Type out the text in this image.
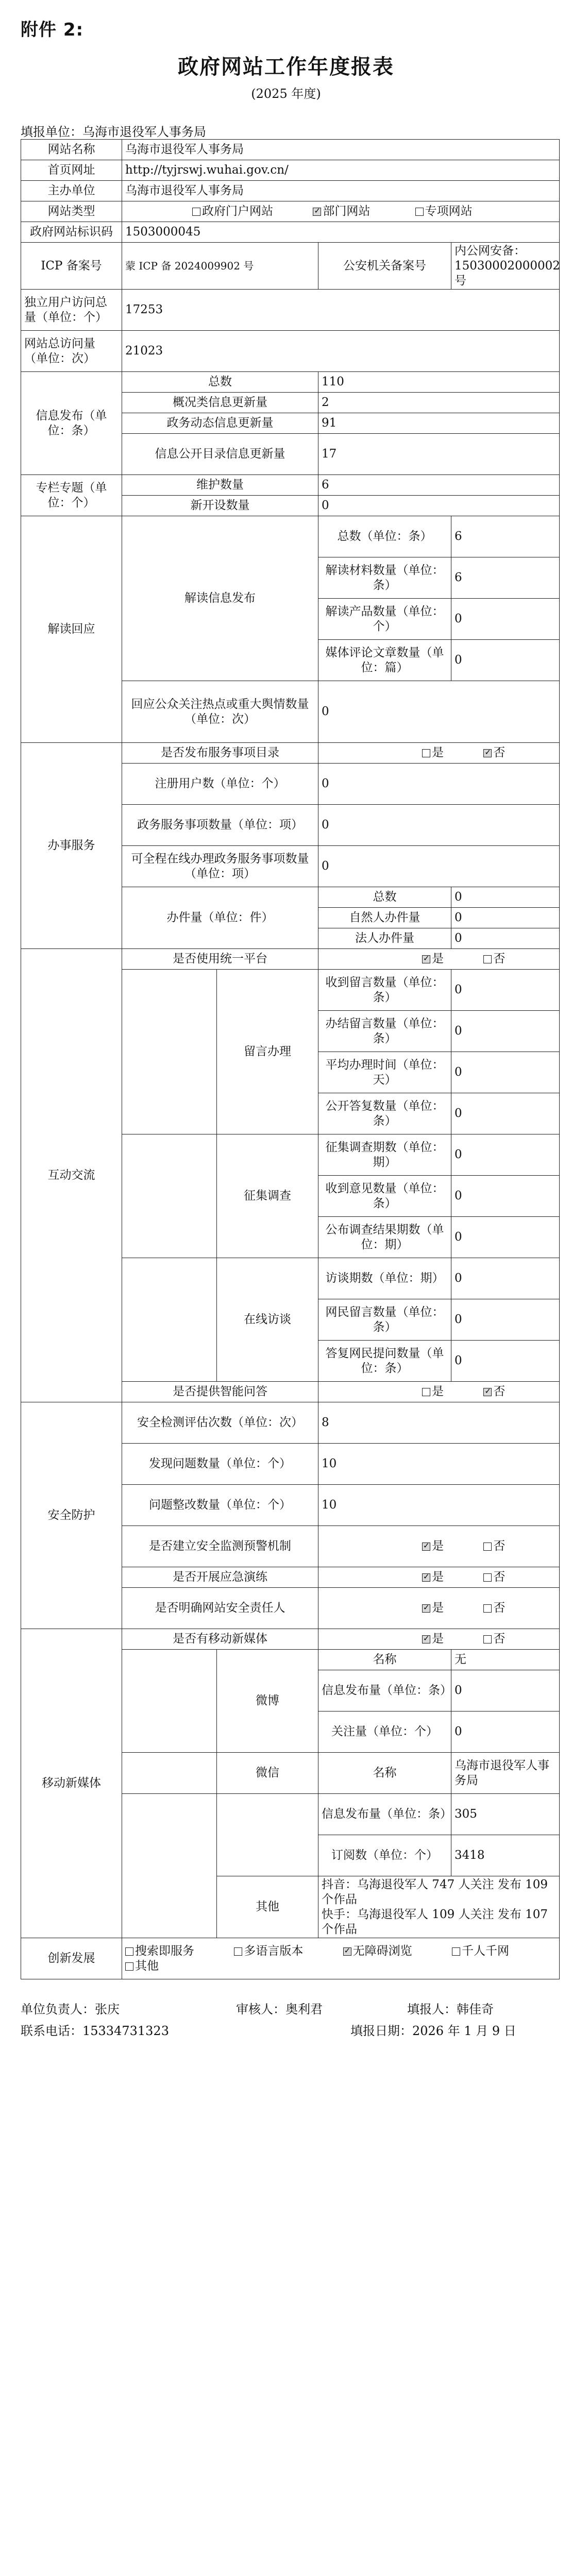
附件 2:
政府网站工作年度报表
(2025 年度)
填报单位：乌海市退役军人事务局
网站名称	乌海市退役军人事务局			
首页网址	http://tyjrswj.wuhai.gov.cn/			
主办单位	乌海市退役军人事务局			
网站类型	政府门户网站 ✓ 部门网站 专项网站
政府网站标识码	1503000045			
ICP 备案号	蒙 ICP 备 2024009902 号		公安机关备案号	内公网安备：15030002000002 号
独立用户访问总量（单位：个）	17253			
网站总访问量（单位：次）	21023			
信息发布（单位：条）	总数		110	
	概况类信息更新量		2	
	政务动态信息更新量		91	
	信息公开目录信息更新量		17	
专栏专题（单位：个）	维护数量		6	
	新开设数量		0	
解读回应	解读信息发布		总数（单位：条）	6
			解读材料数量（单位：条）	6
			解读产品数量（单位：个）	0
			媒体评论文章数量（单位：篇）	0
	回应公众关注热点或重大舆情数量（单位：次）		0	
办事服务	是否发布服务事项目录		是 ✓ 否
	注册用户数（单位：个）		0	
	政务服务事项数量（单位：项）		0	
	可全程在线办理政务服务事项数量（单位：项）		0	
	办件量（单位：件）		总数	0
			自然人办件量	0
			法人办件量	0
互动交流	是否使用统一平台	✓是 否
		留言办理	收到留言数量（单位：条）	0
			办结留言数量（单位：条）	0
			平均办理时间（单位：天）	0
			公开答复数量（单位：条）	0
		征集调查	征集调查期数（单位：期）	0
			收到意见数量（单位：条）	0
			公布调查结果期数（单位：期）	0
		在线访谈	访谈期数（单位：期）	0
			网民留言数量（单位：条）	0
			答复网民提问数量（单位：条）	0
	是否提供智能问答		是 ✓ 否
安全防护	安全检测评估次数（单位：次）		8	
	发现问题数量（单位：个）		10	
	问题整改数量（单位：个）		10	
	是否建立安全监测预警机制	✓是 否
	是否开展应急演练	✓是 否
	是否明确网站安全责任人	✓是 否
移动新媒体	是否有移动新媒体	✓是 否
		微博	名称	无
			信息发布量（单位：条）	0
			关注量（单位：个）	0
		微信	名称	乌海市退役军人事务局
			信息发布量（单位：条）	305
			订阅数（单位：个）	3418
		其他	抖音：乌海退役军人 747 人关注 发布 109 个作品
快手：乌海退役军人 109 人关注 发布 107 个作品	

创新发展	搜索即服务 多语言版本 ✓ 无障碍浏览 千人千网
其他
单位负责人：张庆	审核人：奥利君	填报人：韩佳奇
联系电话：15334731323	填报日期：2026 年 1 月 9 日
